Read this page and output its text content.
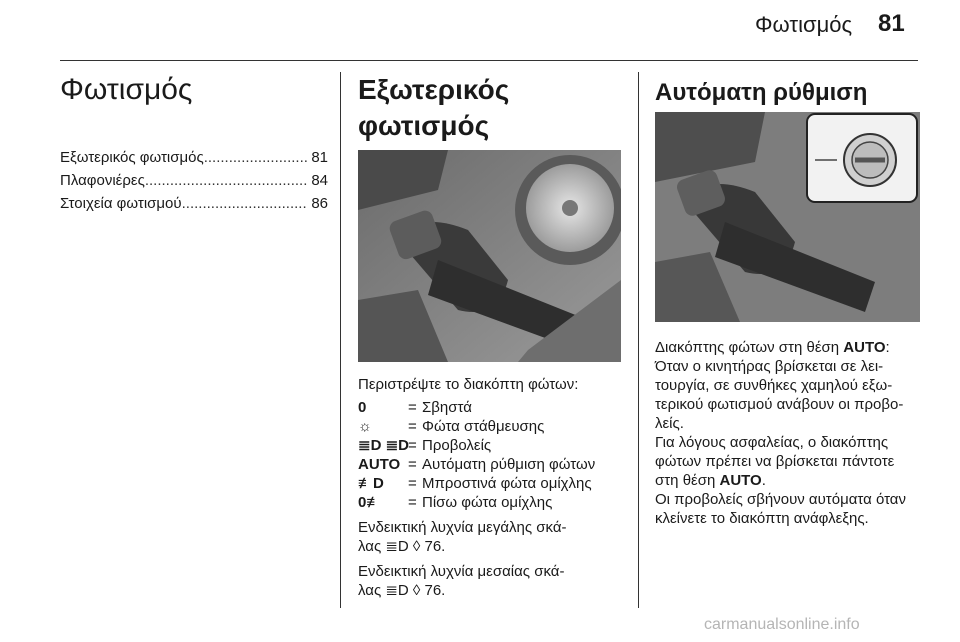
Φωτισμός 81
Φωτισμός
Εξωτερικός φωτισμός .....	81
Πλαφονιέρες .....	84
Στοιχεία φωτισμού .....	86
Εξωτερικός φωτισμός
Περιστρέψτε το διακόπτη φώτων:
0	= Σβηστά
☼	= Φώτα στάθμευσης
≣D ≣D = Προβολείς
AUTO = Αυτόματη ρύθμιση φώτων
≢D	= Μπροστινά φώτα ομίχλης
0≢	= Πίσω φώτα ομίχλης
Ενδεικτική λυχνία μεγάλης σκά-
λας ≣D ◊ 76.
Ενδεικτική λυχνία μεσαίας σκά-
λας ≣D ◊ 76.
Αυτόματη ρύθμιση
Διακόπτης φώτων στη θέση AUTO:
Όταν ο κινητήρας βρίσκεται σε λει-
τουργία, σε συνθήκες χαμηλού εξω-
τερικού φωτισμού ανάβουν οι προβο-
λείς.
Για λόγους ασφαλείας, ο διακόπτης
φώτων πρέπει να βρίσκεται πάντοτε
στη θέση AUTO.
Οι προβολείς σβήνουν αυτόματα όταν
κλείνετε το διακόπτη ανάφλεξης.
carmanualsonline.info
